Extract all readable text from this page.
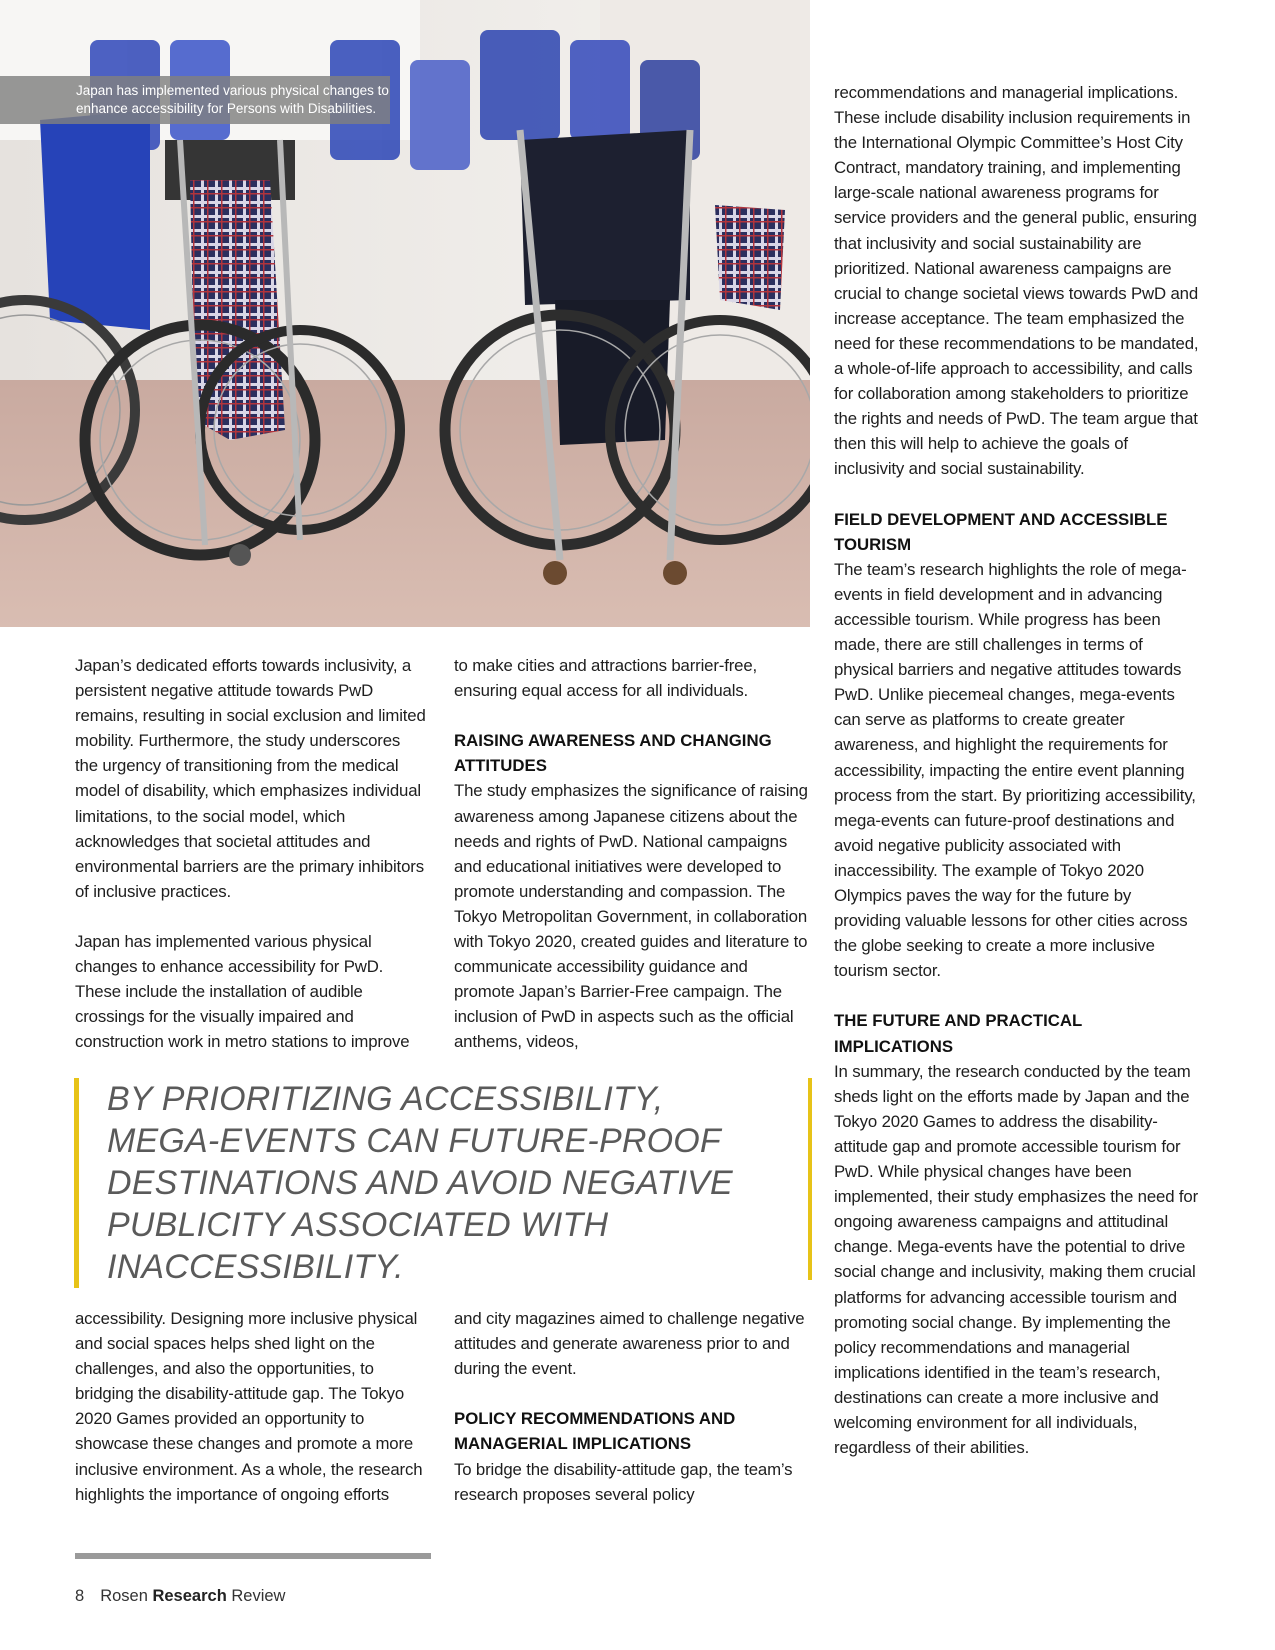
Japan has implemented various physical changes to enhance accessibility for Persons with Disabilities.

Japan’s dedicated efforts towards inclusivity, a persistent negative attitude towards PwD remains, resulting in social exclusion and limited mobility. Furthermore, the study underscores the urgency of transitioning from the medical model of disability, which emphasizes individual limitations, to the social model, which acknowledges that societal attitudes and environmental barriers are the primary inhibitors of inclusive practices.

Japan has implemented various physical changes to enhance accessibility for PwD. These include the installation of audible crossings for the visually impaired and construction work in metro stations to improve

to make cities and attractions barrier-free, ensuring equal access for all individuals.

RAISING AWARENESS AND CHANGING ATTITUDES

The study emphasizes the significance of raising awareness among Japanese citizens about the needs and rights of PwD. National campaigns and educational initiatives were developed to promote understanding and compassion. The Tokyo Metropolitan Government, in collaboration with Tokyo 2020, created guides and literature to communicate accessibility guidance and promote Japan’s Barrier-Free campaign. The inclusion of PwD in aspects such as the official anthems, videos,

BY PRIORITIZING ACCESSIBILITY,
MEGA-EVENTS CAN FUTURE-PROOF
DESTINATIONS AND AVOID NEGATIVE
PUBLICITY ASSOCIATED WITH
INACCESSIBILITY.

accessibility. Designing more inclusive physical and social spaces helps shed light on the challenges, and also the opportunities, to bridging the disability-attitude gap. The Tokyo 2020 Games provided an opportunity to showcase these changes and promote a more inclusive environment. As a whole, the research highlights the importance of ongoing efforts

and city magazines aimed to challenge negative attitudes and generate awareness prior to and during the event.

POLICY RECOMMENDATIONS AND MANAGERIAL IMPLICATIONS

To bridge the disability-attitude gap, the team’s research proposes several policy

recommendations and managerial implications. These include disability inclusion requirements in the International Olympic Committee’s Host City Contract, mandatory training, and implementing large-scale national awareness programs for service providers and the general public, ensuring that inclusivity and social sustainability are prioritized. National awareness campaigns are crucial to change societal views towards PwD and increase acceptance. The team emphasized the need for these recommendations to be mandated, a whole-of-life approach to accessibility, and calls for collaboration among stakeholders to prioritize the rights and needs of PwD. The team argue that then this will help to achieve the goals of inclusivity and social sustainability.

FIELD DEVELOPMENT AND ACCESSIBLE TOURISM

The team’s research highlights the role of mega-events in field development and in advancing accessible tourism. While progress has been made, there are still challenges in terms of physical barriers and negative attitudes towards PwD. Unlike piecemeal changes, mega-events can serve as platforms to create greater awareness, and highlight the requirements for accessibility, impacting the entire event planning process from the start. By prioritizing accessibility, mega-events can future-proof destinations and avoid negative publicity associated with inaccessibility. The example of Tokyo 2020 Olympics paves the way for the future by providing valuable lessons for other cities across the globe seeking to create a more inclusive tourism sector.

THE FUTURE AND PRACTICAL IMPLICATIONS

In summary, the research conducted by the team sheds light on the efforts made by Japan and the Tokyo 2020 Games to address the disability-attitude gap and promote accessible tourism for PwD. While physical changes have been implemented, their study emphasizes the need for ongoing awareness campaigns and attitudinal change. Mega-events have the potential to drive social change and inclusivity, making them crucial platforms for advancing accessible tourism and promoting social change. By implementing the policy recommendations and managerial implications identified in the team’s research, destinations can create a more inclusive and welcoming environment for all individuals, regardless of their abilities.

8 Rosen Research Review
